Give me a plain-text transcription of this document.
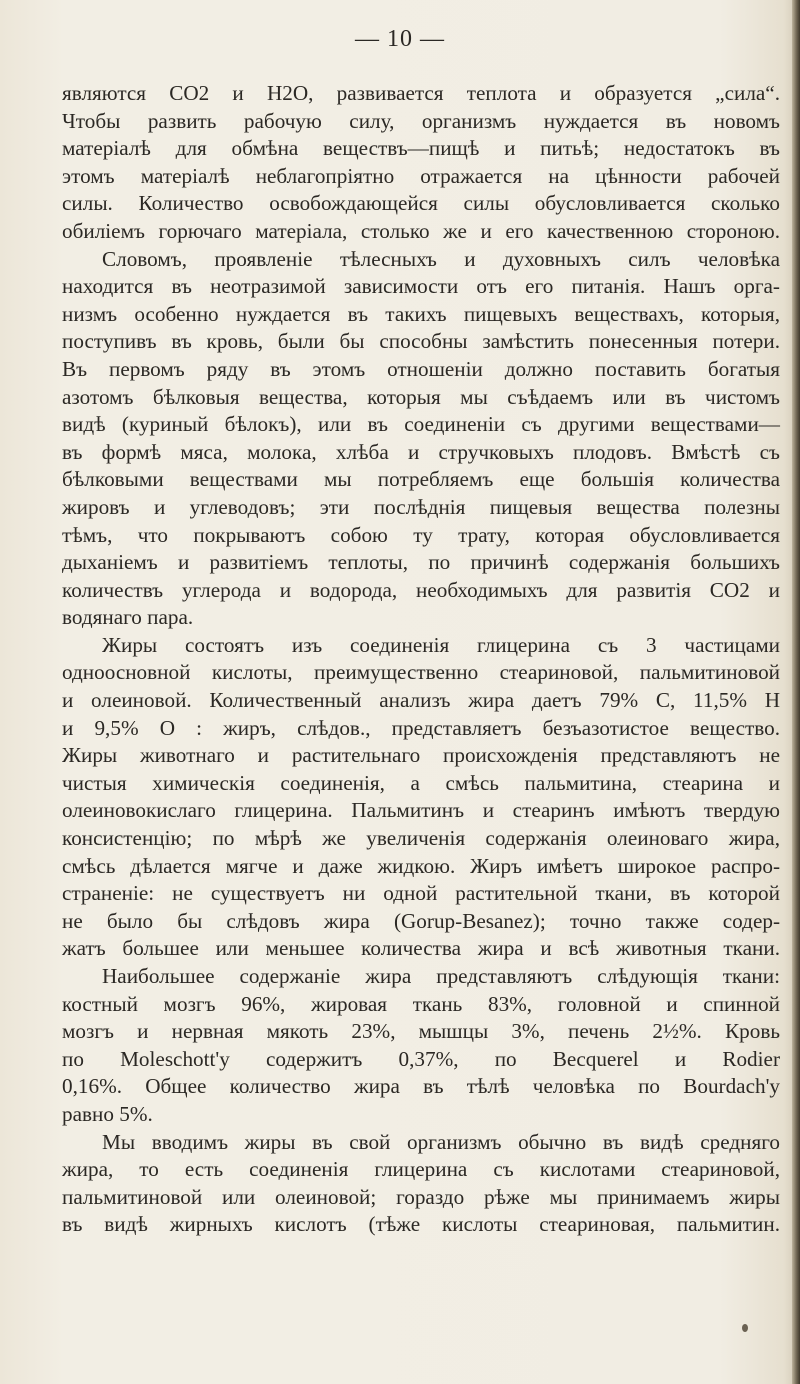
— 10 —
являются СО2 и Н2О, развивается теплота и образуется „сила“.
Чтобы развить рабочую силу, организмъ нуждается въ новомъ
матеріалѣ для обмѣна веществъ—пищѣ и питьѣ; недостатокъ въ
этомъ матеріалѣ неблагопріятно отражается на цѣнности рабочей
силы. Количество освобождающейся силы обусловливается сколько
обиліемъ горючаго матеріала, столько же и его качественною стороною.
Словомъ, проявленіе тѣлесныхъ и духовныхъ силъ человѣка
находится въ неотразимой зависимости отъ его питанія. Нашъ орга-
низмъ особенно нуждается въ такихъ пищевыхъ веществахъ, которыя,
поступивъ въ кровь, были бы способны замѣстить понесенныя потери.
Въ первомъ ряду въ этомъ отношеніи должно поставить богатыя
азотомъ бѣлковыя вещества, которыя мы съѣдаемъ или въ чистомъ
видѣ (куриный бѣлокъ), или въ соединеніи съ другими веществами—
въ формѣ мяса, молока, хлѣба и стручковыхъ плодовъ. Вмѣстѣ съ
бѣлковыми веществами мы потребляемъ еще большія количества
жировъ и углеводовъ; эти послѣднія пищевыя вещества полезны
тѣмъ, что покрываютъ собою ту трату, которая обусловливается
дыханіемъ и развитіемъ теплоты, по причинѣ содержанія большихъ
количествъ углерода и водорода, необходимыхъ для развитія СО2 и
водянаго пара.
Жиры состоятъ изъ соединенія глицерина съ 3 частицами
одноосновной кислоты, преимущественно стеариновой, пальмитиновой
и олеиновой. Количественный анализъ жира даетъ 79% С, 11,5% Н
и 9,5% О : жиръ, слѣдов., представляетъ безъазотистое вещество.
Жиры животнаго и растительнаго происхожденія представляютъ не
чистыя химическія соединенія, а смѣсь пальмитина, стеарина и
олеиновокислаго глицерина. Пальмитинъ и стеаринъ имѣютъ твердую
консистенцію; по мѣрѣ же увеличенія содержанія олеиноваго жира,
смѣсь дѣлается мягче и даже жидкою. Жиръ имѣетъ широкое распро-
страненіе: не существуетъ ни одной растительной ткани, въ которой
не было бы слѣдовъ жира (Gorup-Besanez); точно также содер-
жатъ большее или меньшее количества жира и всѣ животныя ткани.
Наибольшее содержаніе жира представляютъ слѣдующія ткани:
костный мозгъ 96%, жировая ткань 83%, головной и спинной
мозгъ и нервная мякоть 23%, мышцы 3%, печень 2½%. Кровь
по Moleschott'у содержитъ 0,37%, по Becquerel и Rodier
0,16%. Общее количество жира въ тѣлѣ человѣка по Bourdach'у
равно 5%.
Мы вводимъ жиры въ свой организмъ обычно въ видѣ средняго
жира, то есть соединенія глицерина съ кислотами стеариновой,
пальмитиновой или олеиновой; гораздо рѣже мы принимаемъ жиры
въ видѣ жирныхъ кислотъ (тѣже кислоты стеариновая, пальмитин.
